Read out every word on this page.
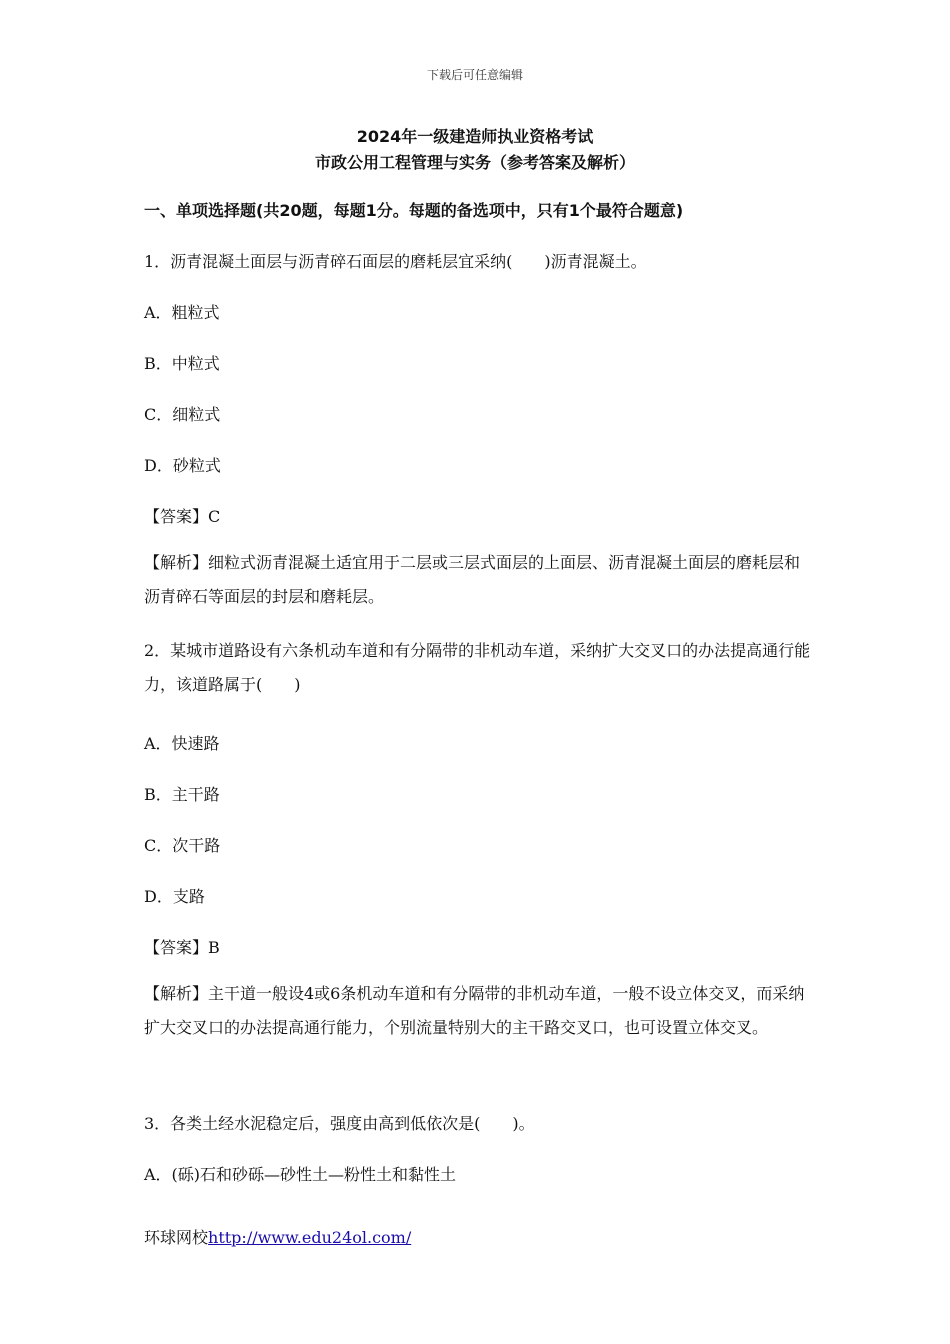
下载后可任意编辑
2024年一级建造师执业资格考试
市政公用工程管理与实务（参考答案及解析）
一、单项选择题(共20题，每题1分。每题的备选项中，只有1个最符合题意)
1．沥青混凝土面层与沥青碎石面层的磨耗层宜采纳(　　)沥青混凝土。
A．粗粒式
B．中粒式
C．细粒式
D．砂粒式
【答案】C
【解析】细粒式沥青混凝土适宜用于二层或三层式面层的上面层、沥青混凝土面层的磨耗层和沥青碎石等面层的封层和磨耗层。
2．某城市道路设有六条机动车道和有分隔带的非机动车道，采纳扩大交叉口的办法提高通行能力，该道路属于(　　)
A．快速路
B．主干路
C．次干路
D．支路
【答案】B
【解析】主干道一般设4或6条机动车道和有分隔带的非机动车道，一般不设立体交叉，而采纳扩大交叉口的办法提高通行能力，个别流量特别大的主干路交叉口，也可设置立体交叉。
3．各类土经水泥稳定后，强度由高到低依次是(　　)。
A．(砾)石和砂砾—砂性土—粉性土和黏性土
环球网校http://www.edu24ol.com/
